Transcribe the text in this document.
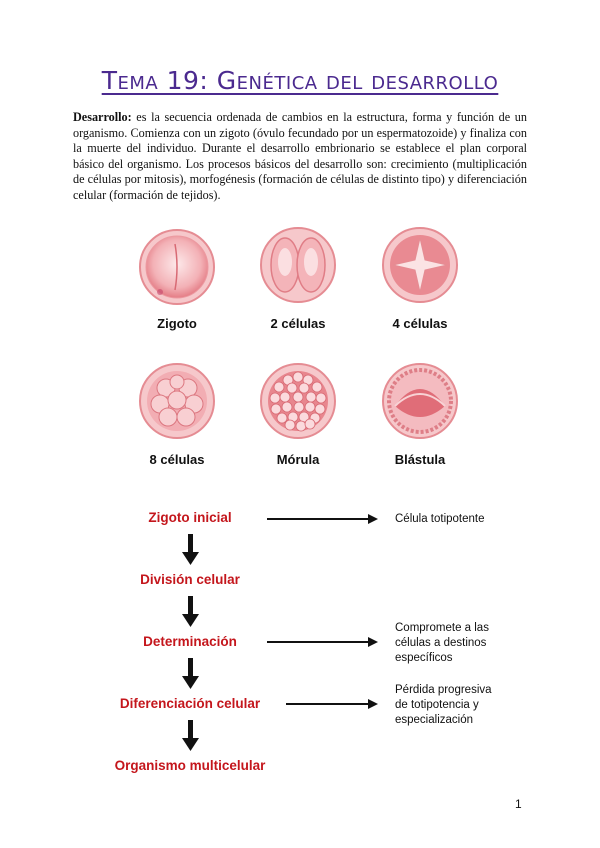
Tema 19: Genética del desarrollo
Desarrollo: es la secuencia ordenada de cambios en la estructura, forma y función de un organismo. Comienza con un zigoto (óvulo fecundado por un espermatozoide) y finaliza con la muerte del individuo. Durante el desarrollo embrionario se establece el plan corporal básico del organismo. Los procesos básicos del desarrollo son: crecimiento (multiplicación de células por mitosis), morfogénesis (formación de células de distinto tipo) y diferenciación celular (formación de tejidos).
Zigoto	2 células	4 células
8 células	Mórula	Blástula
Zigoto inicial
División celular
Determinación
Diferenciación celular
Organismo multicelular
Célula totipotente
Compromete a las
células a destinos
específicos
Pérdida progresiva
de totipotencia y
especialización
1
